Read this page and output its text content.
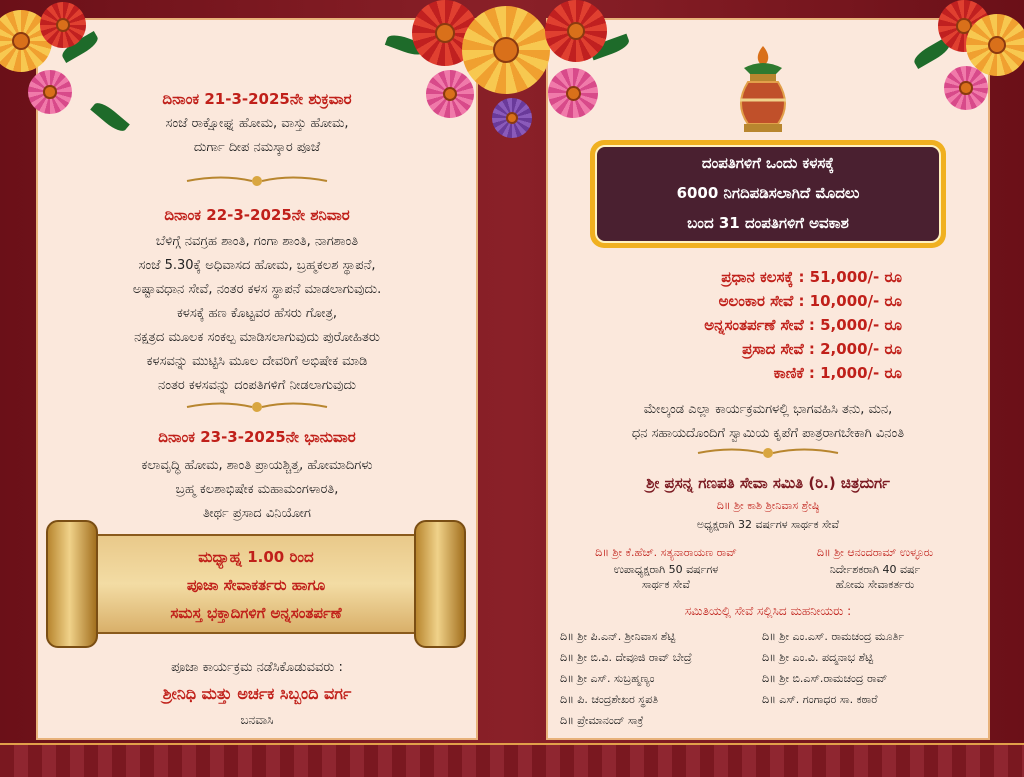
ದಿನಾಂಕ 21-3-2025ನೇ ಶುಕ್ರವಾರ
ಸಂಜೆ ರಾಕ್ಷೋಘ್ನ ಹೋಮ, ವಾಸ್ತು ಹೋಮ,
ದುರ್ಗಾ ದೀಪ ನಮಸ್ಕಾರ ಪೂಜೆ
ದಿನಾಂಕ 22-3-2025ನೇ ಶನಿವಾರ
ಬೆಳಿಗ್ಗೆ ನವಗ್ರಹ ಶಾಂತಿ, ಗಂಗಾ ಶಾಂತಿ, ನಾಗಶಾಂತಿ
ಸಂಜೆ 5.30ಕ್ಕೆ ಅಧಿವಾಸದ ಹೋಮ, ಬ್ರಹ್ಮಕಲಶ ಸ್ಥಾಪನೆ,
ಅಷ್ಟಾವಧಾನ ಸೇವೆ, ನಂತರ ಕಳಸ ಸ್ಥಾಪನೆ ಮಾಡಲಾಗುವುದು.
ಕಳಸಕ್ಕೆ ಹಣ ಕೊಟ್ಟವರ ಹೆಸರು ಗೋತ್ರ,
ನಕ್ಷತ್ರದ ಮೂಲಕ ಸಂಕಲ್ಪ ಮಾಡಿಸಲಾಗುವುದು ಪುರೋಹಿತರು
ಕಳಸವನ್ನು ಮುಟ್ಟಿಸಿ ಮೂಲ ದೇವರಿಗೆ ಅಭಿಷೇಕ ಮಾಡಿ
ನಂತರ ಕಳಸವನ್ನು ದಂಪತಿಗಳಿಗೆ ನೀಡಲಾಗುವುದು
ದಿನಾಂಕ 23-3-2025ನೇ ಭಾನುವಾರ
ಕಲಾವೃದ್ಧಿ ಹೋಮ, ಶಾಂತಿ ಪ್ರಾಯಶ್ಚಿತ್ತ, ಹೋಮಾದಿಗಳು
ಬ್ರಹ್ಮ ಕಲಶಾಭಿಷೇಕ ಮಹಾಮಂಗಳಾರತಿ,
ತೀರ್ಥ ಪ್ರಸಾದ ವಿನಿಯೋಗ
ಪೂಜಾ ಕಾರ್ಯಕ್ರಮ ನಡೆಸಿಕೊಡುವವರು :
ಶ್ರೀನಿಧಿ ಮತ್ತು ಅರ್ಚಕ ಸಿಬ್ಬಂದಿ ವರ್ಗ
ಬನವಾಸಿ
ಮಧ್ಯಾಹ್ನ 1.00 ರಿಂದ
ಪೂಜಾ ಸೇವಾಕರ್ತರು ಹಾಗೂ
ಸಮಸ್ತ ಭಕ್ತಾದಿಗಳಿಗೆ ಅನ್ನಸಂತರ್ಪಣೆ
ದಂಪತಿಗಳಿಗೆ ಒಂದು ಕಳಸಕ್ಕೆ
6000 ನಿಗದಿಪಡಿಸಲಾಗಿದೆ ಮೊದಲು
ಬಂದ 31 ದಂಪತಿಗಳಿಗೆ ಅವಕಾಶ
ಪ್ರಧಾನ ಕಲಸಕ್ಕೆ : 51,000/- ರೂ
ಅಲಂಕಾರ ಸೇವೆ : 10,000/- ರೂ
ಅನ್ನಸಂತರ್ಪಣೆ ಸೇವೆ : 5,000/- ರೂ
ಪ್ರಸಾದ ಸೇವೆ : 2,000/- ರೂ
ಕಾಣಿಕೆ : 1,000/- ರೂ
ಮೇಲ್ಕಂಡ ಎಲ್ಲಾ ಕಾರ್ಯಕ್ರಮಗಳಲ್ಲಿ ಭಾಗವಹಿಸಿ ತನು, ಮನ,
ಧನ ಸಹಾಯದೊಂದಿಗೆ ಸ್ವಾಮಿಯ ಕೃಪೆಗೆ ಪಾತ್ರರಾಗಬೇಕಾಗಿ ವಿನಂತಿ
ಶ್ರೀ ಪ್ರಸನ್ನ ಗಣಪತಿ ಸೇವಾ ಸಮಿತಿ (ರಿ.) ಚಿತ್ರದುರ್ಗ
ದಿ॥ ಶ್ರೀ ಕಾಶಿ ಶ್ರೀನಿವಾಸ ಶ್ರೇಷ್ಠಿ
ಅಧ್ಯಕ್ಷರಾಗಿ 32 ವರ್ಷಗಳ ಸಾರ್ಥಕ ಸೇವೆ
ದಿ॥ ಶ್ರೀ ಕೆ.ಹೆಚ್. ಸತ್ಯನಾರಾಯಣ ರಾವ್
ಉಪಾಧ್ಯಕ್ಷರಾಗಿ 50 ವರ್ಷಗಳ
ಸಾರ್ಥಕ ಸೇವೆ
ದಿ॥ ಶ್ರೀ ಆನಂದರಾಮ್ ಉಳ್ಳೂರು
ನಿರ್ದೇಶಕರಾಗಿ 40 ವರ್ಷ
ಹೋಮ ಸೇವಾಕರ್ತರು
ಸಮಿತಿಯಲ್ಲಿ ಸೇವೆ ಸಲ್ಲಿಸಿದ ಮಹನೀಯರು :
ದಿ॥ ಶ್ರೀ ಪಿ.ಎನ್. ಶ್ರೀನಿವಾಸ ಶೆಟ್ಟಿ
ದಿ॥ ಶ್ರೀ ಬಿ.ವಿ. ದೇವೂಜಿ ರಾವ್ ಬೇದ್ರೆ
ದಿ॥ ಶ್ರೀ ಎಸ್. ಸುಬ್ರಹ್ಮಣ್ಯಂ
ದಿ॥ ಪಿ. ಚಂದ್ರಶೇಖರ ಸ್ಥಪತಿ
ದಿ॥ ಪ್ರೇಮಾನಂದ್ ಸಾಕ್ರೆ
ದಿ॥ ಶ್ರೀ ಎಂ.ಎಸ್. ರಾಮಚಂದ್ರ ಮೂರ್ತಿ
ದಿ॥ ಶ್ರೀ ಎಂ.ವಿ. ಪದ್ಮನಾಭ ಶೆಟ್ಟಿ
ದಿ॥ ಶ್ರೀ ಬಿ.ಎಸ್.ರಾಮಚಂದ್ರ ರಾವ್
ದಿ॥ ಎಸ್. ಗಂಗಾಧರ ಸಾ. ಕಠಾರೆ
